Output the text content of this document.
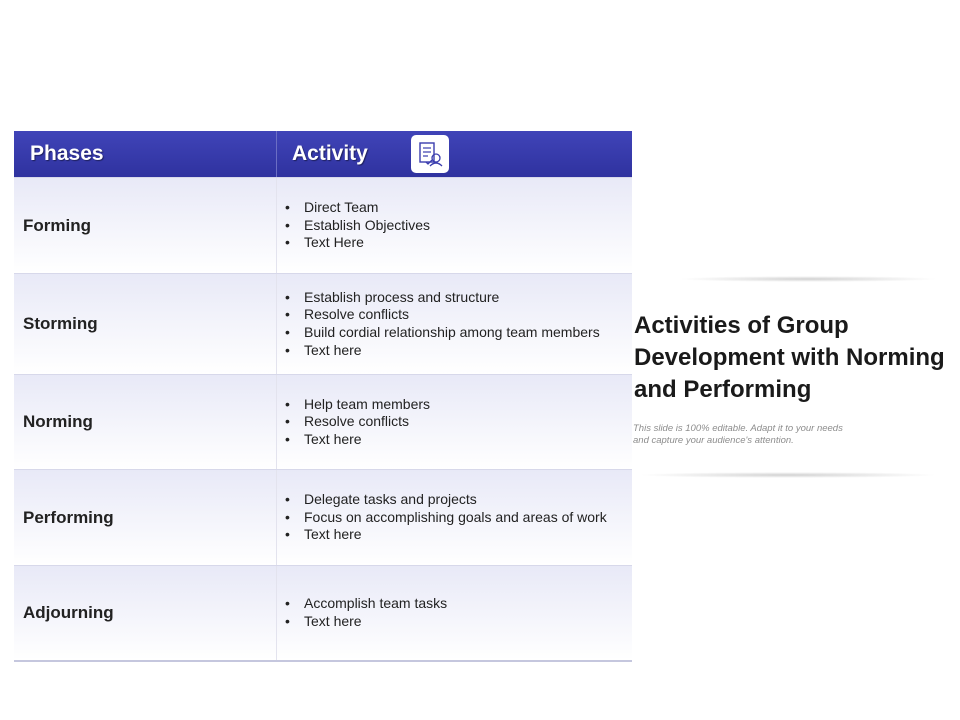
Phases	Activity
Forming
• Direct Team
• Establish Objectives
• Text Here
Storming
• Establish process and structure
• Resolve conflicts
• Build cordial relationship among team members
• Text here
Norming
• Help team members
• Resolve conflicts
• Text here
Performing
• Delegate tasks and projects
• Focus on accomplishing goals and areas of work
• Text here
Adjourning
•	Accomplish team tasks
• Text here
Activities of Group Development with Norming and Performing
This slide is 100% editable. Adapt it to your needs and capture your audience's attention.
